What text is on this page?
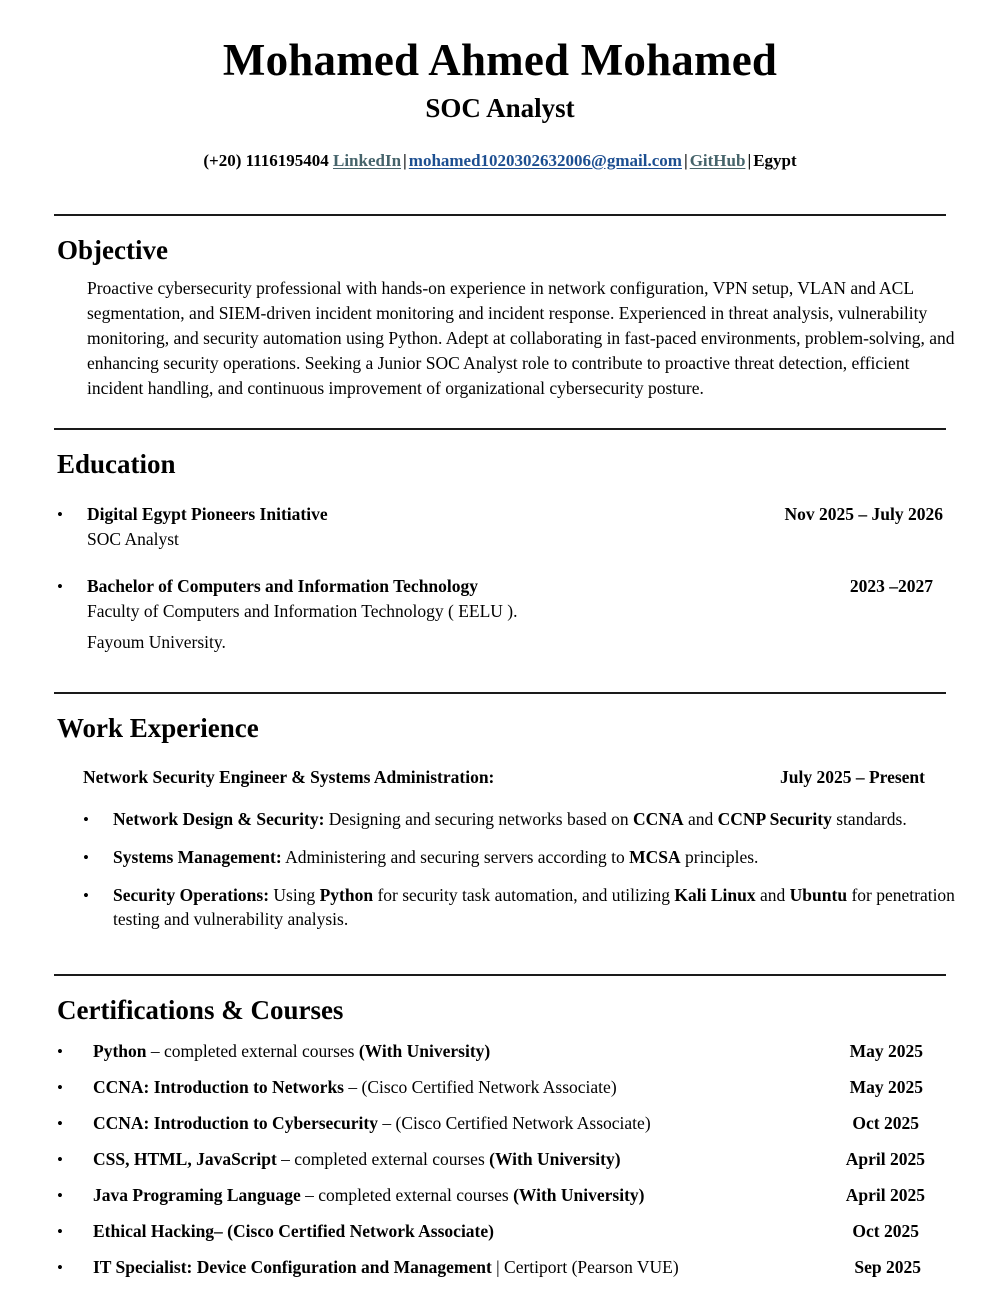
Mohamed Ahmed Mohamed
SOC Analyst
(+20) 1116195404 LinkedIn | mohamed1020302632006@gmail.com | GitHub | Egypt
Objective

Proactive cybersecurity professional with hands-on experience in network configuration, VPN setup, VLAN and ACL segmentation, and SIEM-driven incident monitoring and incident response. Experienced in threat analysis, vulnerability monitoring, and security automation using Python. Adept at collaborating in fast-paced environments, problem-solving, and enhancing security operations. Seeking a Junior SOC Analyst role to contribute to proactive threat detection, efficient incident handling, and continuous improvement of organizational cybersecurity posture.

Education
•	Digital Egypt Pioneers Initiative	Nov 2025 – July 2026
SOC Analyst
•	Bachelor of Computers and Information Technology	2023 –2027
Faculty of Computers and Information Technology ( EELU ).
Fayoum University.
Work Experience
Network Security Engineer & Systems Administration:	July 2025 – Present
•	Network Design & Security: Designing and securing networks based on CCNA and CCNP Security standards.
•	Systems Management: Administering and securing servers according to MCSA principles.
•	Security Operations: Using Python for security task automation, and utilizing Kali Linux and Ubuntu for penetration testing and vulnerability analysis.
Certifications & Courses
•	Python – completed external courses (With University)	May 2025
•	CCNA: Introduction to Networks – (Cisco Certified Network Associate)	May 2025
•	CCNA: Introduction to Cybersecurity – (Cisco Certified Network Associate)	Oct 2025
•	CSS, HTML, JavaScript – completed external courses (With University)	April 2025
•	Java Programing Language – completed external courses (With University)	April 2025
•	Ethical Hacking– (Cisco Certified Network Associate)	Oct 2025
•	IT Specialist: Device Configuration and Management | Certiport (Pearson VUE)	Sep 2025
